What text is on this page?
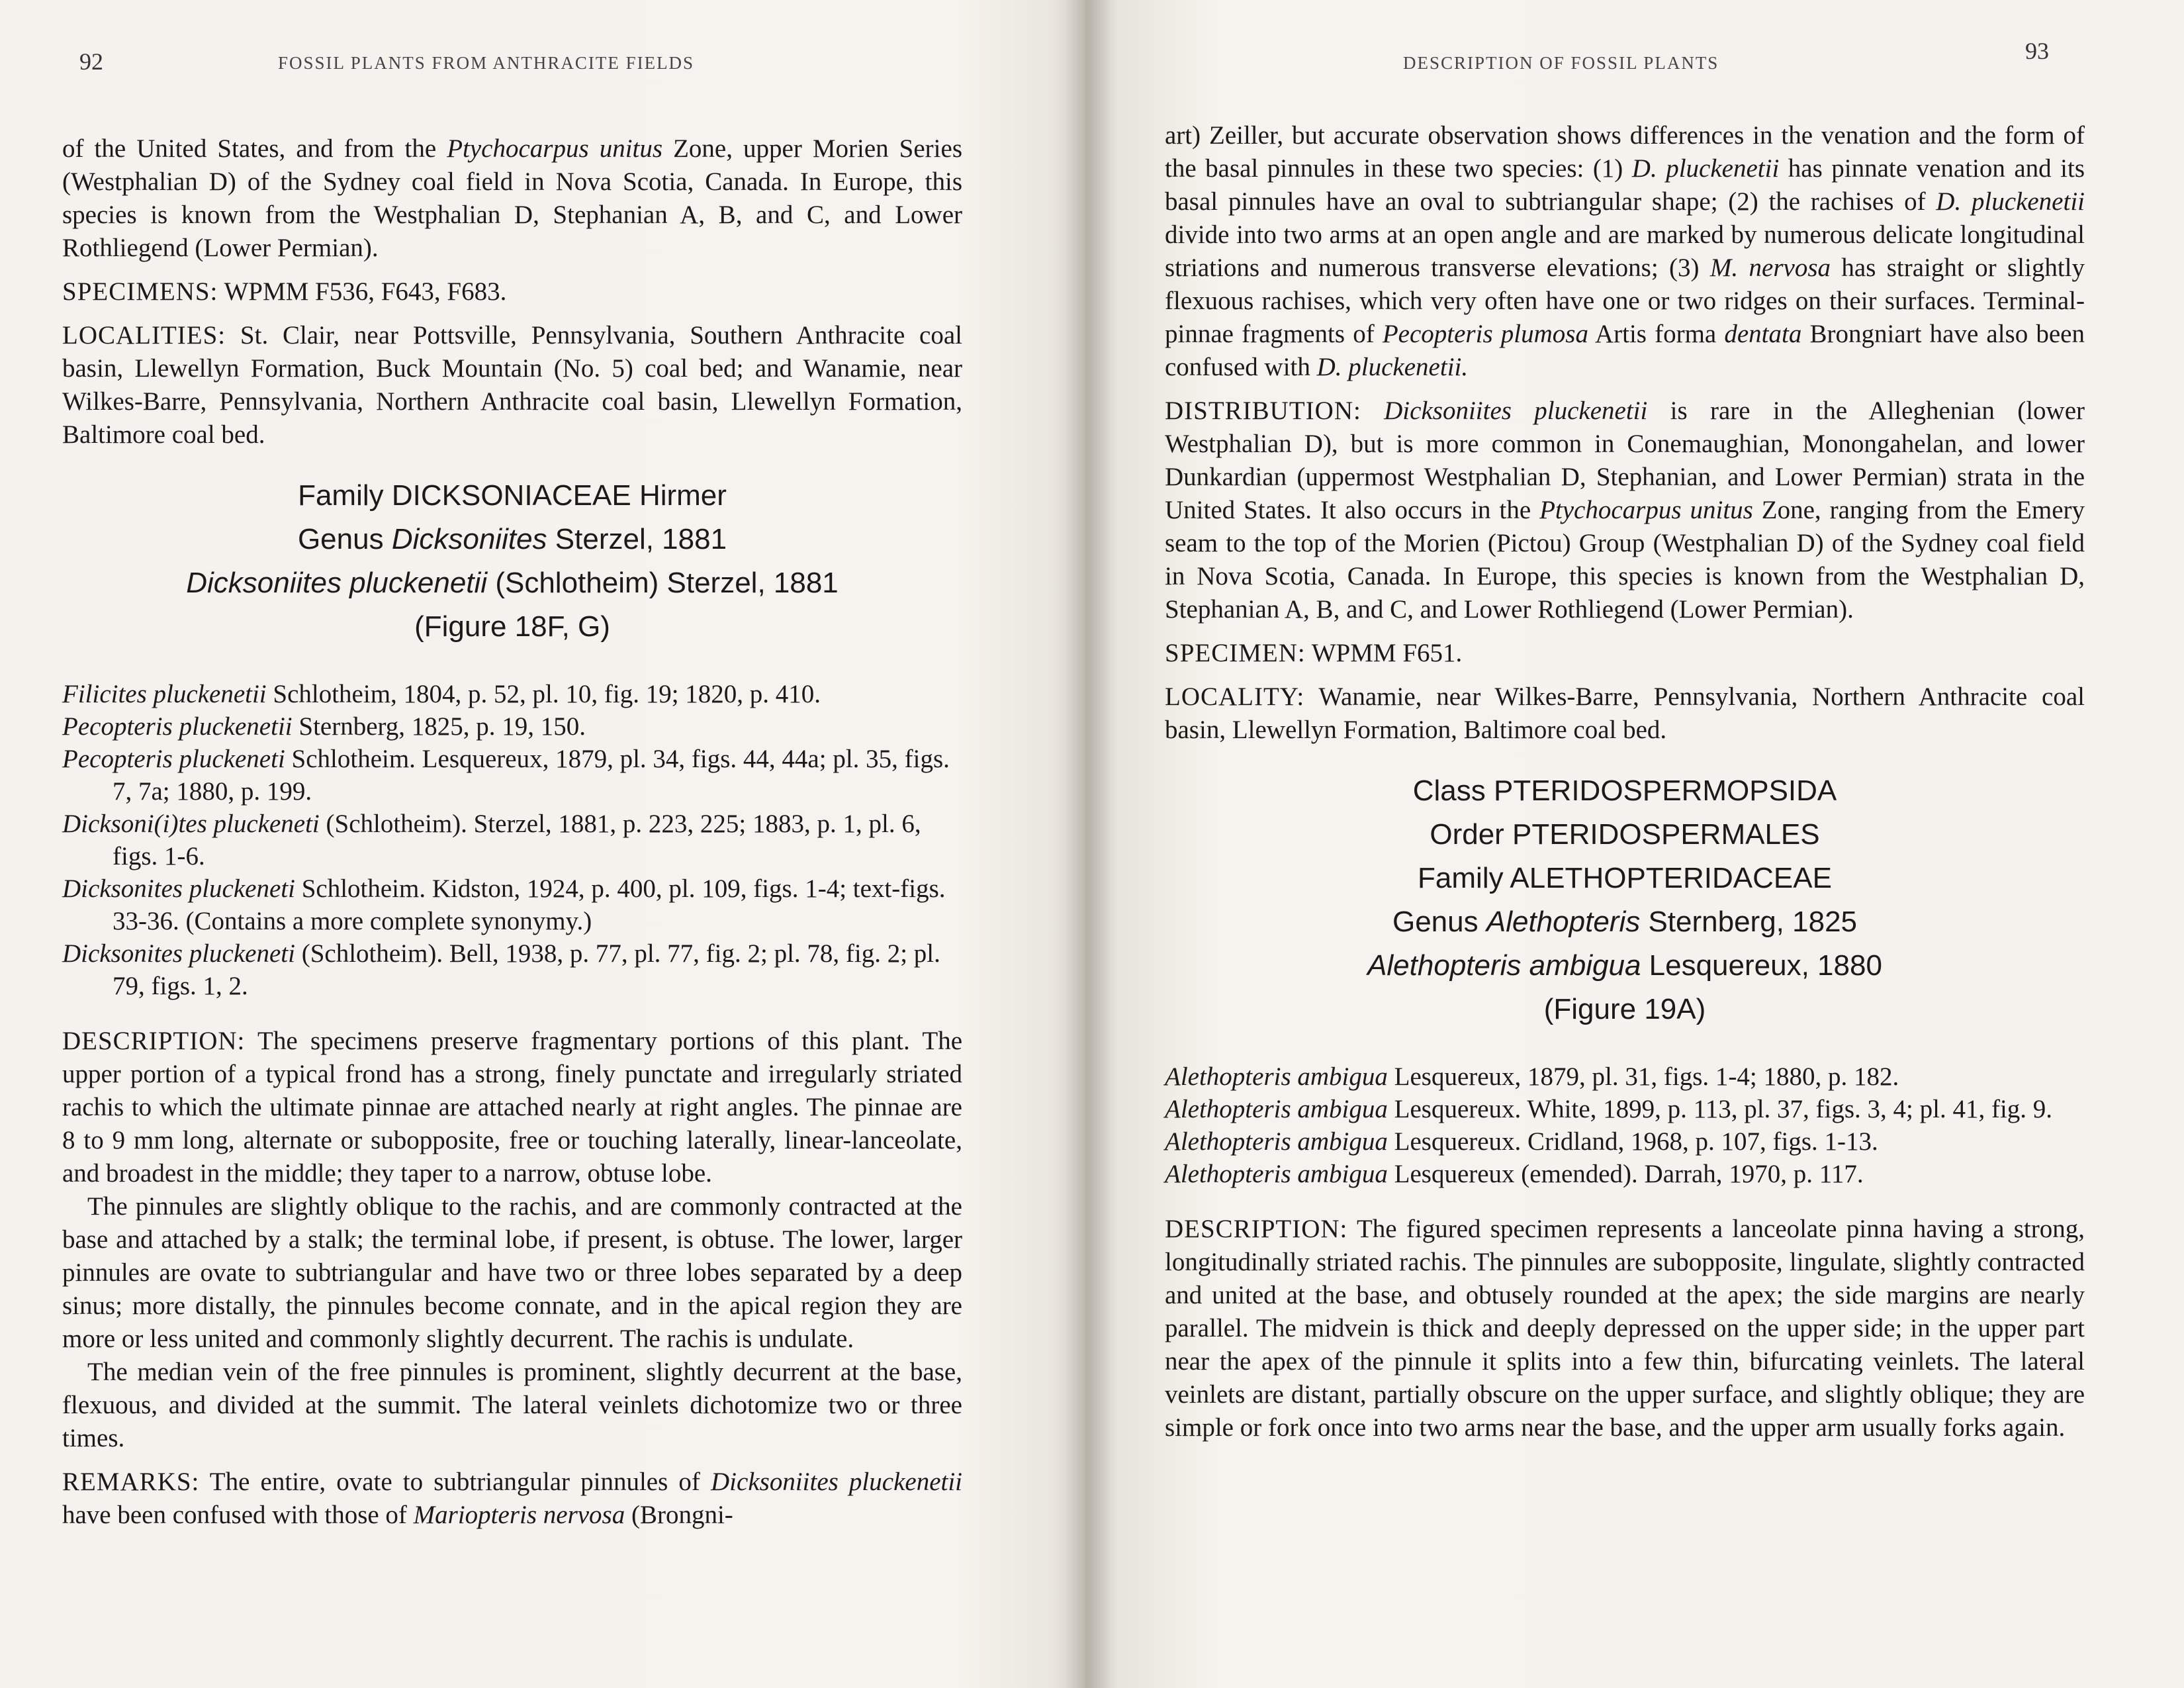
92	FOSSIL PLANTS FROM ANTHRACITE FIELDS

of the United States, and from the Ptychocarpus unitus Zone, upper Morien Series (Westphalian D) of the Sydney coal field in Nova Scotia, Canada. In Europe, this species is known from the Westphalian D, Stephanian A, B, and C, and Lower Rothliegend (Lower Permian).

SPECIMENS: WPMM F536, F643, F683.

LOCALITIES: St. Clair, near Pottsville, Pennsylvania, Southern Anthracite coal basin, Llewellyn Formation, Buck Mountain (No. 5) coal bed; and Wanamie, near Wilkes-Barre, Pennsylvania, Northern Anthracite coal basin, Llewellyn Formation, Baltimore coal bed.

Family DICKSONIACEAE Hirmer
Genus Dicksoniites Sterzel, 1881
Dicksoniites pluckenetii (Schlotheim) Sterzel, 1881
(Figure 18F, G)

Filicites pluckenetii Schlotheim, 1804, p. 52, pl. 10, fig. 19; 1820, p. 410.

Pecopteris pluckenetii Sternberg, 1825, p. 19, 150.

Pecopteris pluckeneti Schlotheim. Lesquereux, 1879, pl. 34, figs. 44, 44a; pl. 35, figs. 7, 7a; 1880, p. 199.

Dicksoni(i)tes pluckeneti (Schlotheim). Sterzel, 1881, p. 223, 225; 1883, p. 1, pl. 6, figs. 1-6.

Dicksonites pluckeneti Schlotheim. Kidston, 1924, p. 400, pl. 109, figs. 1-4; text-figs. 33-36. (Contains a more complete synonymy.)

Dicksonites pluckeneti (Schlotheim). Bell, 1938, p. 77, pl. 77, fig. 2; pl. 78, fig. 2; pl. 79, figs. 1, 2.

DESCRIPTION: The specimens preserve fragmentary portions of this plant. The upper portion of a typical frond has a strong, finely punctate and irregularly striated rachis to which the ultimate pinnae are attached nearly at right angles. The pinnae are 8 to 9 mm long, alternate or subopposite, free or touching laterally, linear-lanceolate, and broadest in the middle; they taper to a narrow, obtuse lobe.

The pinnules are slightly oblique to the rachis, and are commonly contracted at the base and attached by a stalk; the terminal lobe, if present, is obtuse. The lower, larger pinnules are ovate to subtriangular and have two or three lobes separated by a deep sinus; more distally, the pinnules become connate, and in the apical region they are more or less united and commonly slightly decurrent. The rachis is undulate.

The median vein of the free pinnules is prominent, slightly decurrent at the base, flexuous, and divided at the summit. The lateral veinlets dichotomize two or three times.

REMARKS: The entire, ovate to subtriangular pinnules of Dicksoniites pluckenetii have been confused with those of Mariopteris nervosa (Brongni-

DESCRIPTION OF FOSSIL PLANTS	93

art) Zeiller, but accurate observation shows differences in the venation and the form of the basal pinnules in these two species: (1) D. pluckenetii has pinnate venation and its basal pinnules have an oval to subtriangular shape; (2) the rachises of D. pluckenetii divide into two arms at an open angle and are marked by numerous delicate longitudinal striations and numerous transverse elevations; (3) M. nervosa has straight or slightly flexuous rachises, which very often have one or two ridges on their surfaces. Terminal-pinnae fragments of Pecopteris plumosa Artis forma dentata Brongniart have also been confused with D. pluckenetii.

DISTRIBUTION: Dicksoniites pluckenetii is rare in the Alleghenian (lower Westphalian D), but is more common in Conemaughian, Monongahelan, and lower Dunkardian (uppermost Westphalian D, Stephanian, and Lower Permian) strata in the United States. It also occurs in the Ptychocarpus unitus Zone, ranging from the Emery seam to the top of the Morien (Pictou) Group (Westphalian D) of the Sydney coal field in Nova Scotia, Canada. In Europe, this species is known from the Westphalian D, Stephanian A, B, and C, and Lower Rothliegend (Lower Permian).

SPECIMEN: WPMM F651.

LOCALITY: Wanamie, near Wilkes-Barre, Pennsylvania, Northern Anthracite coal basin, Llewellyn Formation, Baltimore coal bed.

Class PTERIDOSPERMOPSIDA
Order PTERIDOSPERMALES
Family ALETHOPTERIDACEAE
Genus Alethopteris Sternberg, 1825
Alethopteris ambigua Lesquereux, 1880
(Figure 19A)

Alethopteris ambigua Lesquereux, 1879, pl. 31, figs. 1-4; 1880, p. 182.

Alethopteris ambigua Lesquereux. White, 1899, p. 113, pl. 37, figs. 3, 4; pl. 41, fig. 9.

Alethopteris ambigua Lesquereux. Cridland, 1968, p. 107, figs. 1-13.

Alethopteris ambigua Lesquereux (emended). Darrah, 1970, p. 117.

DESCRIPTION: The figured specimen represents a lanceolate pinna having a strong, longitudinally striated rachis. The pinnules are subopposite, lingulate, slightly contracted and united at the base, and obtusely rounded at the apex; the side margins are nearly parallel. The midvein is thick and deeply depressed on the upper side; in the upper part near the apex of the pinnule it splits into a few thin, bifurcating veinlets. The lateral veinlets are distant, partially obscure on the upper surface, and slightly oblique; they are simple or fork once into two arms near the base, and the upper arm usually forks again.
